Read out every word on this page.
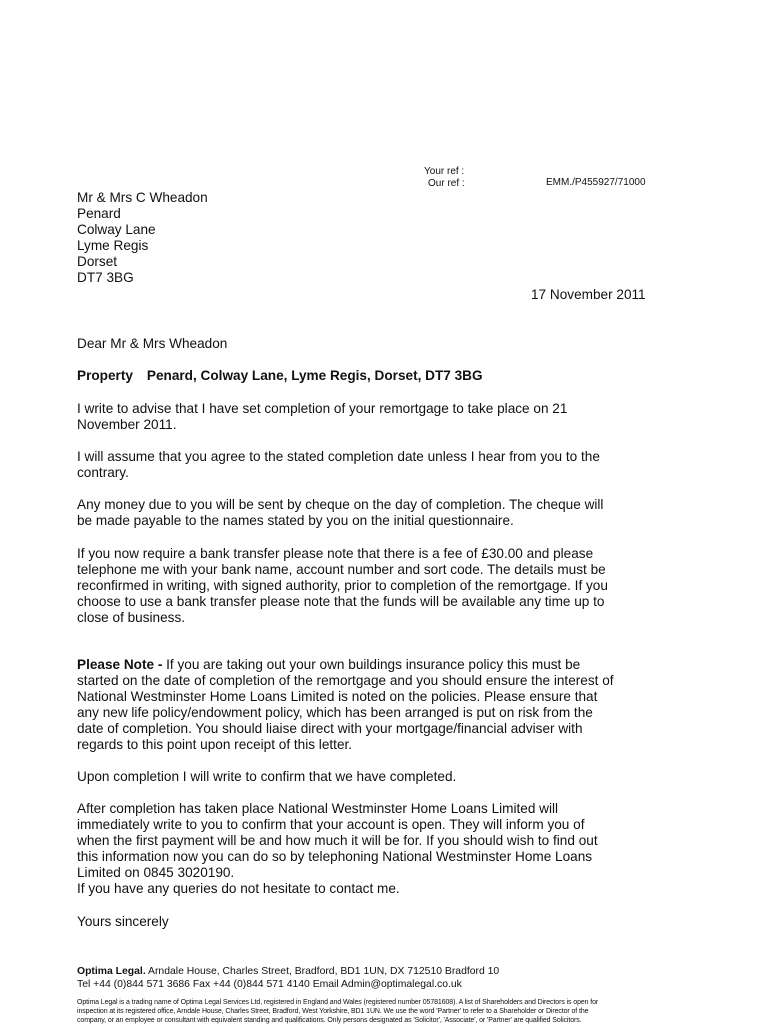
Your ref :
Our ref :	EMM./P455927/71000
Mr & Mrs C Wheadon
Penard
Colway Lane
Lyme Regis
Dorset
DT7 3BG
17 November 2011
Dear Mr & Mrs Wheadon
Property Penard, Colway Lane, Lyme Regis, Dorset, DT7 3BG
I write to advise that I have set completion of your remortgage to take place on 21
November 2011.
I will assume that you agree to the stated completion date unless I hear from you to the
contrary.
Any money due to you will be sent by cheque on the day of completion. The cheque will
be made payable to the names stated by you on the initial questionnaire.
If you now require a bank transfer please note that there is a fee of £30.00 and please
telephone me with your bank name, account number and sort code. The details must be
reconfirmed in writing, with signed authority, prior to completion of the remortgage. If you
choose to use a bank transfer please note that the funds will be available any time up to
close of business.
Please Note - If you are taking out your own buildings insurance policy this must be
started on the date of completion of the remortgage and you should ensure the interest of
National Westminster Home Loans Limited is noted on the policies. Please ensure that
any new life policy/endowment policy, which has been arranged is put on risk from the
date of completion. You should liaise direct with your mortgage/financial adviser with
regards to this point upon receipt of this letter.
Upon completion I will write to confirm that we have completed.
After completion has taken place National Westminster Home Loans Limited will
immediately write to you to confirm that your account is open. They will inform you of
when the first payment will be and how much it will be for. If you should wish to find out
this information now you can do so by telephoning National Westminster Home Loans
Limited on 0845 3020190.
If you have any queries do not hesitate to contact me.
Yours sincerely
Optima Legal. Arndale House, Charles Street, Bradford, BD1 1UN, DX 712510 Bradford 10
Tel +44 (0)844 571 3686 Fax +44 (0)844 571 4140 Email Admin@optimalegal.co.uk
Optima Legal is a trading name of Optima Legal Services Ltd, registered in England and Wales (registered number 05781608). A list of Shareholders and Directors is open for
inspection at its registered office, Arndale House, Charles Street, Bradford, West Yorkshire, BD1 1UN. We use the word 'Partner' to refer to a Shareholder or Director of the
company, or an employee or consultant with equivalent standing and qualifications. Only persons designated as 'Solicitor', 'Associate', or 'Partner' are qualified Solicitors.
